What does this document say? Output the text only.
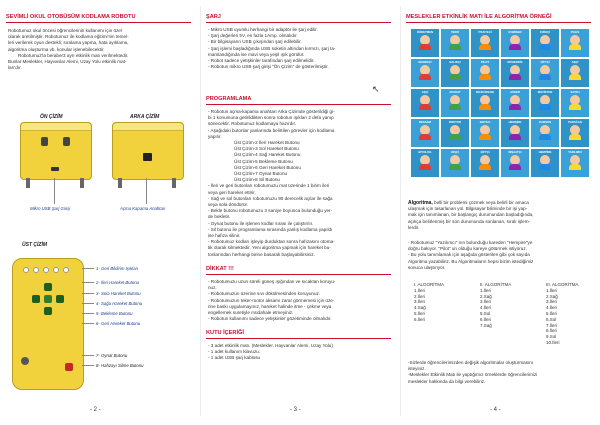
SEVİMLİ OKUL OTOBÜSÜM KODLAMA ROBOTU

Robotumuz okul öncesi öğrencilerinin kullanımı için özel

olarak üretilmiştir. Robotumuz ile kodlama eğitimi'nin temel-

leri verilerek oyun destekli; sıralama yapma, hata ayıklama,

algoritma oluşturma vb. konular işlenebilecektir.

Robotumuz'la beraber3 ayrı etkinlik matı verilmektedir.

Bunlar Meslekler, Hayvanlar Alemi, Uzay Yolu etkinlik mat-

ları'dır.

ÖN ÇİZİM
Mikro USB Şarj Girişi
ARKA ÇİZİM
Açma Kapama Anahtarı
ÜST ÇİZİM
1- Geri Bildirim Işıkları
2- İleri Hareket Butonu
3- Sola Hareket Butonu
4- Sağa Hareket Butonu
5- Bekleme Butonu
6- Geri Hareket Butonu
7- Oynat Butonu
8- Hafızayı Silme Butonu
- 2 -
ŞARJ

- Mikro USB uyumlu herhangi bir adaptör ile şarj edilir.

- Şarj değerleri 5V, en fazla 1Amp. olmalıdır.

- Bir bilgisayarın USB çıkışından şarj edilebilir.

- Şarj işlemi başladığında USB soketin altından kırmızı, şarj ta-

mamlandığında ise mavi veya yeşil ışık görülür.

- Robot sadece yetişkinler tarafından şarj edilmelidir.

- Robotun mikro USB şarj girişi "Ön Çizim" de gösterilmiştir.

↖
PROGRAMLAMA

- Robotun açma-kapama anahtarı Arka Çizimde gösterildiği gi-

bi 1 konumuna getirildikten sonra robotun ışıkları 2 defa yanıp

sönecektir. Robotumuz kodlamaya hazırdır.

- Aşağıdaki butonlar yanlarında belirtilen görevler için kodlama

yapılır.

Üst Çizim-2 İleri Hareket Butonu

Üst Çizim-3 Sol Hareket Butonu

Üst Çizim-4 Sağ Hareket Butonu

Üst Çizim-5 Bekleme Butonu

Üst Çizim-6 Geri Hareket Butonu

Üst Çizim-7 Oynat Butonu

Üst Çizim-8 Sil Butonu

- İleri ve geri butonları robotumuzu mat üzerinde 1 birim ileri

veya geri hareket ettirir.

- Sağ ve sol butonları robotumuzu 90 derecelik açılar ile sağa

veya sola döndürür.

- Bekle butonu robotumuzu 3 saniye boyunca bulunduğu yer-

de bekletir.

- Oynat butonu ile işlenen kodlar sırası ile çalıştırılır.

- Sil butonu ile programlama sırasında yanlış kodlama yapıldı

ise hafıza silinir.

- Robotumuz kodları işleyip durduktan sonra hafızasını otoma-

tik olarak silmektedir. Yeni algoritma yapmak için hareket bu-

tonlarından herhangi birine basarak başlayabilirsiniz.

DİKKAT !!!

- Robotumuzu uzun süreli güneş ışığından ve sıcaktan koruyu-

nuz.

- Robotumuzun üzerine sıvı dökülmesinden koruyunuz.

- Robotumuzun teker-motor aksamı zarar görmemesi için üze-

rine baskı uygulamayınız, hareket halinde itme - çekme veya

engellemek suretiyle müdahale etmeyiniz.

- Robotun kullanımı sadece yetişkinler gözetiminde olmalıdır.

KUTU İÇERİĞİ

- 3 adet etkinlik matı. (Meslekler, Hayvanlar Alemi, Uzay Yolu)

- 1 adet kullanım klavuzu.

- 1 adet USB şarj kablosu

- 3 -
MESLEKLER ETKİNLİK MATI İLE ALGORİTMA ÖRNEĞİ
ÖĞRETMEN	TERZİ	İTFAİYECİ	KOMİSER	FİZİKÇİ	POLİS
EKMEKÇİ	BALIKÇI	PİLOT	MÜHENDİS	ÇİFTÇİ	AŞÇI
AŞÇI	AVUKAT	BİLİM İNSANI	ASKER	MÜZİSYEN	SATICI
RESSAM	DOKTOR	BOYACI	HEMŞİRE	GARSON	PAPAĞAN
BİYOLOG	DİŞÇİ	ÇİFTÇİ	İNŞAATÇI	HEMPİRE	YAZILIMCI

Algoritma, belli bir problemi çözmek veya belirli bir amaca

ulaşmak için tasarlanan yol. Bilgisayar biliminde bir işi yap-

mak için tanımlanan, bir başlangıç durumundan başladığında,

açıkça belirlenmiş bir son durumunda sonlanan, sıralı işlem-

lerdir.

- Robotumuz "Yazılımcı" nın bulunduğu kareden "Hempire"ye

doğru bakıyor. "Pilot" un olduğu kareye götürmek istiyoruz.

- Bu yolu tanımlamak için aşağıda gösterilen gibi çok sayıda

Algoritma yazabiliriz. Bu Algoritmaların hepsi bizim istediğimiz

sonuca ulaştırıyor.

I. ALGORİTMA
1.İleri
2.İleri
3.İleri
4.Sağ
5.İleri
6.İleri
II. ALGORİTMA
1.İleri
2.Sağ
3.İleri
4.İleri
5.Sol
6.İleri
7.Sağ
III. ALGORİTMA
1.İleri
2.Sağ
3.İleri
4.İleri
5.İleri
6.Sol
7.İleri
8.İleri
9.Sol
10.İleri

-Sizlerde öğrencilerimizden değişik algoritmalar oluşturmasını

isteyiniz.

-Meslekler Etkinlik Matı ile yaptığımız örneklerde öğrencilerimizi

meslekler hakkında da bilgi verebiliriz.

- 4 -
